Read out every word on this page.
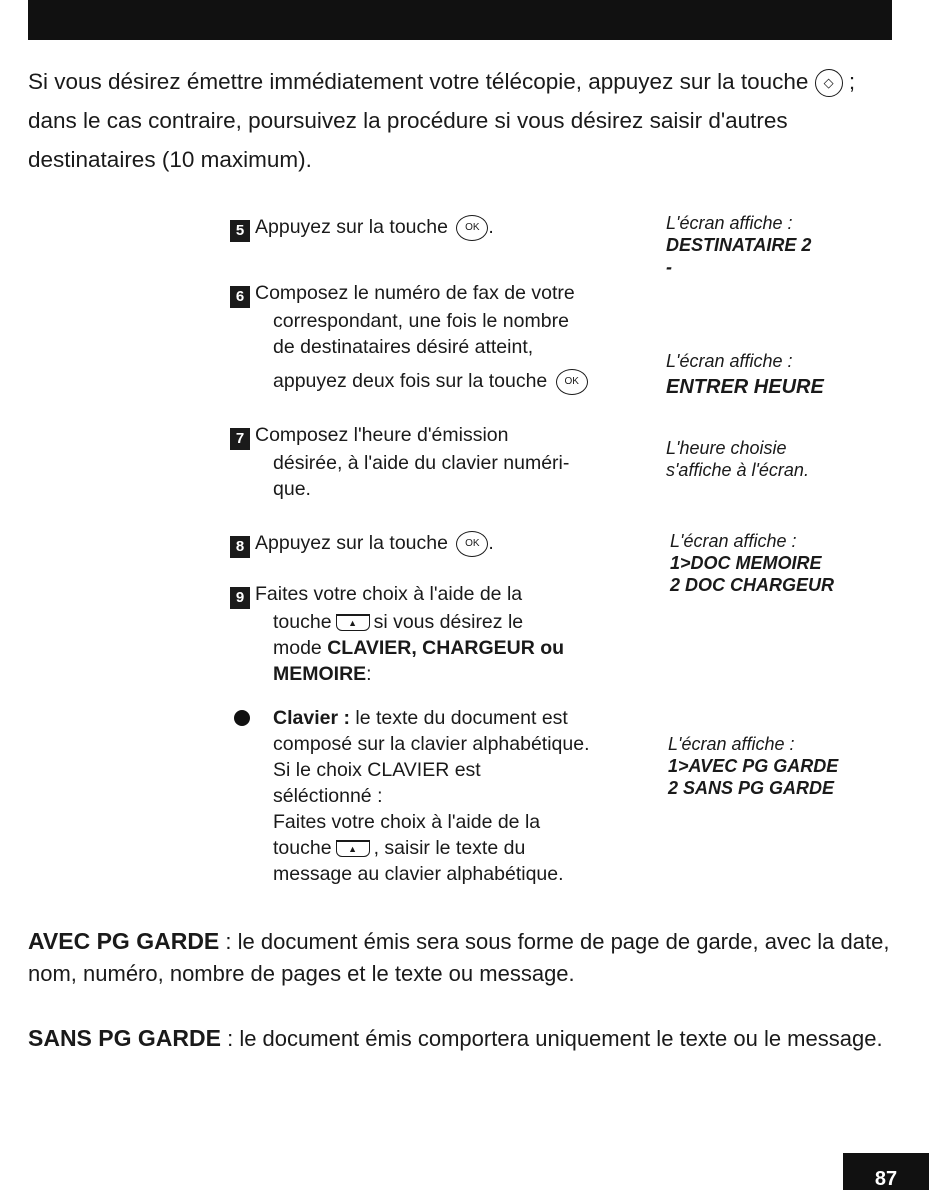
Si vous désirez émettre immédiatement votre télécopie, appuyez sur la touche ◇ ; dans le cas contraire, poursuivez la procédure si vous désirez saisir d'autres destinataires (10 maximum).

5 Appuyez sur la touche OK .
6 Composez le numéro de fax de votre
correspondant, une fois le nombre
de destinataires désiré atteint,
appuyez deux fois sur la touche OK
7 Composez l'heure d'émission
désirée, à l'aide du clavier numéri-
que.
8 Appuyez sur la touche OK .
9 Faites votre choix à l'aide de la
touche ▲ si vous désirez le
mode CLAVIER, CHARGEUR ou
MEMOIRE:
Clavier : le texte du document est
composé sur la clavier alphabétique.
Si le choix CLAVIER est
séléctionné :
Faites votre choix à l'aide de la
touche ▲ , saisir le texte du
message au clavier alphabétique.
L'écran affiche :
DESTINATAIRE 2
-
L'écran affiche :
ENTRER HEURE
L'heure choisie
s'affiche à l'écran.
L'écran affiche :
1>DOC MEMOIRE
2 DOC CHARGEUR
L'écran affiche :
1>AVEC PG GARDE
2 SANS PG GARDE

AVEC PG GARDE : le document émis sera sous forme de page de garde, avec la date, nom, numéro, nombre de pages et le texte ou message.

SANS PG GARDE : le document émis comportera uniquement le texte ou le message.

87
